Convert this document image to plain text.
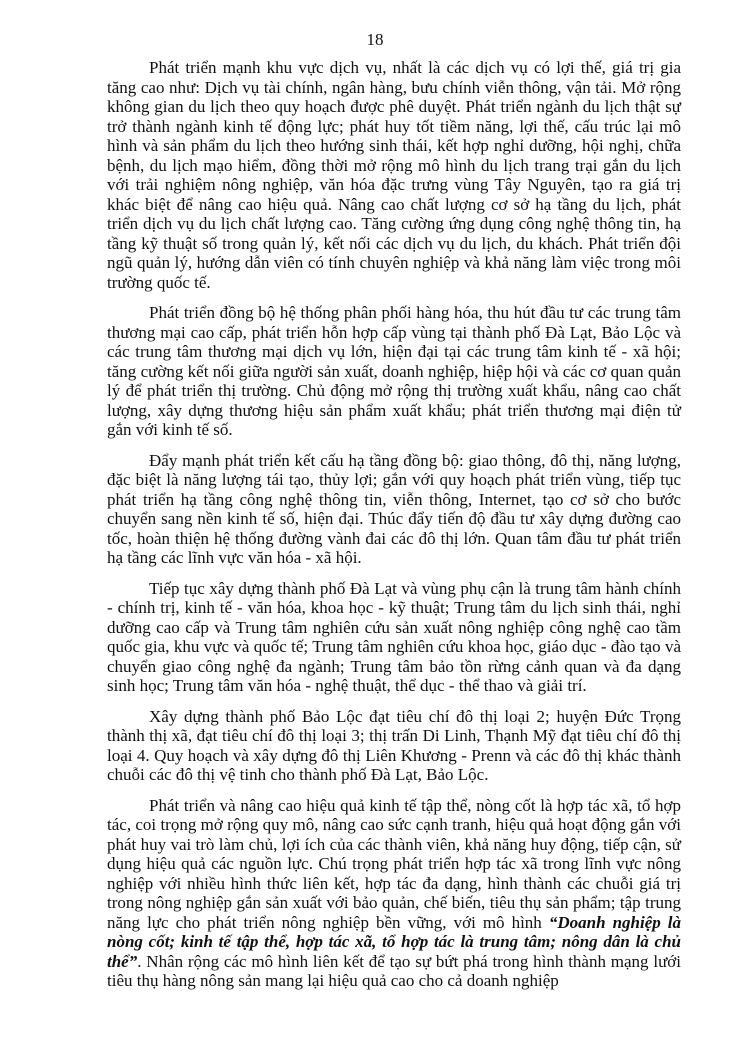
18

Phát triển mạnh khu vực dịch vụ, nhất là các dịch vụ có lợi thế, giá trị gia tăng cao như: Dịch vụ tài chính, ngân hàng, bưu chính viễn thông, vận tải. Mở rộng không gian du lịch theo quy hoạch được phê duyệt. Phát triển ngành du lịch thật sự trở thành ngành kinh tế động lực; phát huy tốt tiềm năng, lợi thế, cấu trúc lại mô hình và sản phẩm du lịch theo hướng sinh thái, kết hợp nghỉ dưỡng, hội nghị, chữa bệnh, du lịch mạo hiểm, đồng thời mở rộng mô hình du lịch trang trại gắn du lịch với trải nghiệm nông nghiệp, văn hóa đặc trưng vùng Tây Nguyên, tạo ra giá trị khác biệt để nâng cao hiệu quả. Nâng cao chất lượng cơ sở hạ tầng du lịch, phát triển dịch vụ du lịch chất lượng cao. Tăng cường ứng dụng công nghệ thông tin, hạ tầng kỹ thuật số trong quản lý, kết nối các dịch vụ du lịch, du khách. Phát triển đội ngũ quản lý, hướng dẫn viên có tính chuyên nghiệp và khả năng làm việc trong môi trường quốc tế.

Phát triển đồng bộ hệ thống phân phối hàng hóa, thu hút đầu tư các trung tâm thương mại cao cấp, phát triển hỗn hợp cấp vùng tại thành phố Đà Lạt, Bảo Lộc và các trung tâm thương mại dịch vụ lớn, hiện đại tại các trung tâm kinh tế - xã hội; tăng cường kết nối giữa người sản xuất, doanh nghiệp, hiệp hội và các cơ quan quản lý để phát triển thị trường. Chủ động mở rộng thị trường xuất khẩu, nâng cao chất lượng, xây dựng thương hiệu sản phẩm xuất khẩu; phát triển thương mại điện tử gắn với kinh tế số.

Đẩy mạnh phát triển kết cấu hạ tầng đồng bộ: giao thông, đô thị, năng lượng, đặc biệt là năng lượng tái tạo, thủy lợi; gắn với quy hoạch phát triển vùng, tiếp tục phát triển hạ tầng công nghệ thông tin, viễn thông, Internet, tạo cơ sở cho bước chuyển sang nền kinh tế số, hiện đại. Thúc đẩy tiến độ đầu tư xây dựng đường cao tốc, hoàn thiện hệ thống đường vành đai các đô thị lớn. Quan tâm đầu tư phát triển hạ tầng các lĩnh vực văn hóa - xã hội.

Tiếp tục xây dựng thành phố Đà Lạt và vùng phụ cận là trung tâm hành chính - chính trị, kinh tế - văn hóa, khoa học - kỹ thuật; Trung tâm du lịch sinh thái, nghỉ dưỡng cao cấp và Trung tâm nghiên cứu sản xuất nông nghiệp công nghệ cao tầm quốc gia, khu vực và quốc tế; Trung tâm nghiên cứu khoa học, giáo dục - đào tạo và chuyển giao công nghệ đa ngành; Trung tâm bảo tồn rừng cảnh quan và đa dạng sinh học; Trung tâm văn hóa - nghệ thuật, thể dục - thể thao và giải trí.

Xây dựng thành phố Bảo Lộc đạt tiêu chí đô thị loại 2; huyện Đức Trọng thành thị xã, đạt tiêu chí đô thị loại 3; thị trấn Di Linh, Thạnh Mỹ đạt tiêu chí đô thị loại 4. Quy hoạch và xây dựng đô thị Liên Khương - Prenn và các đô thị khác thành chuỗi các đô thị vệ tinh cho thành phố Đà Lạt, Bảo Lộc.

Phát triển và nâng cao hiệu quả kinh tế tập thể, nòng cốt là hợp tác xã, tổ hợp tác, coi trọng mở rộng quy mô, nâng cao sức cạnh tranh, hiệu quả hoạt động gắn với phát huy vai trò làm chủ, lợi ích của các thành viên, khả năng huy động, tiếp cận, sử dụng hiệu quả các nguồn lực. Chú trọng phát triển hợp tác xã trong lĩnh vực nông nghiệp với nhiều hình thức liên kết, hợp tác đa dạng, hình thành các chuỗi giá trị trong nông nghiệp gắn sản xuất với bảo quản, chế biến, tiêu thụ sản phẩm; tập trung năng lực cho phát triển nông nghiệp bền vững, với mô hình “Doanh nghiệp là nòng cốt; kinh tế tập thể, hợp tác xã, tổ hợp tác là trung tâm; nông dân là chủ thể”. Nhân rộng các mô hình liên kết để tạo sự bứt phá trong hình thành mạng lưới tiêu thụ hàng nông sản mang lại hiệu quả cao cho cả doanh nghiệp
